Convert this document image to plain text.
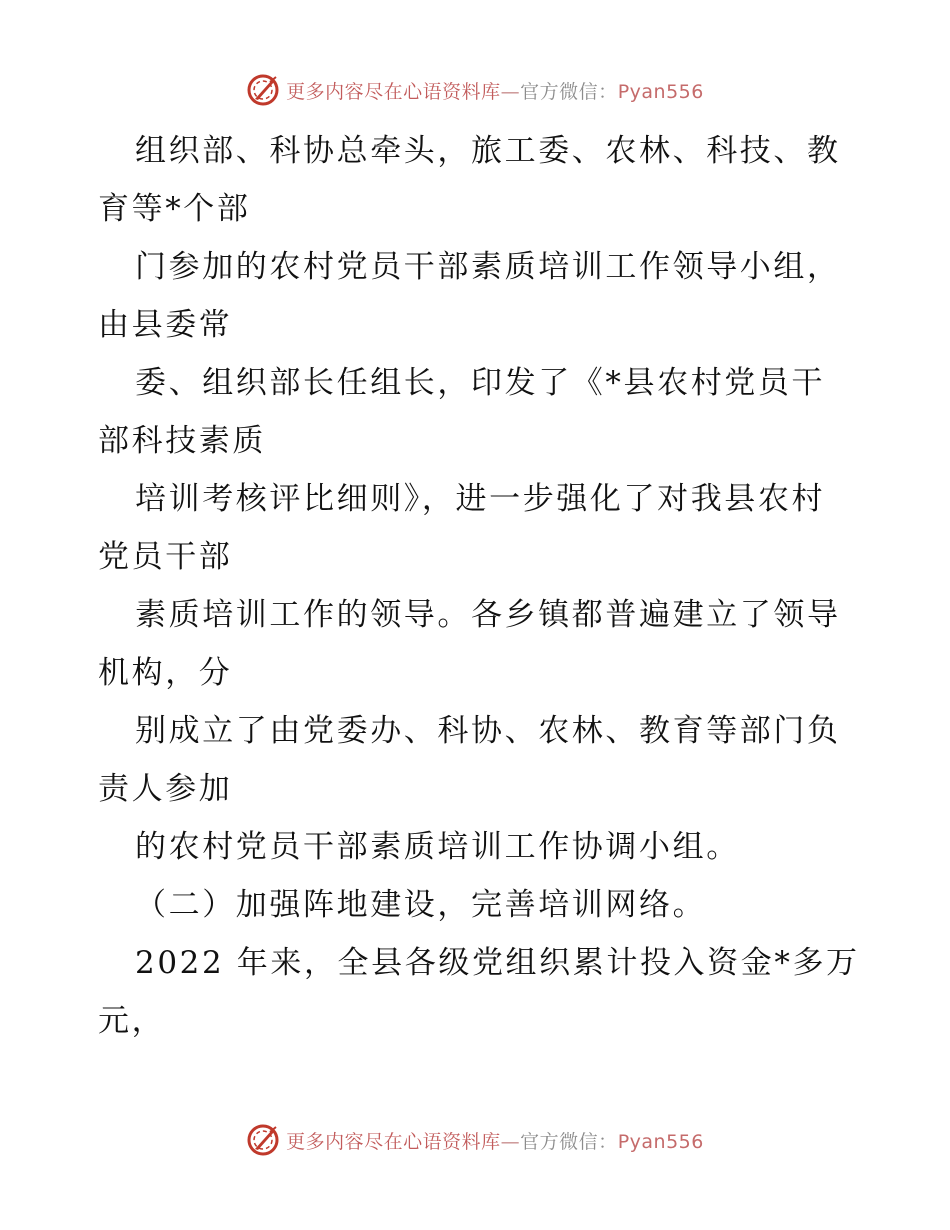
更多内容尽在心语资料库—官方微信：Pyan556
组织部、科协总牵头，旅工委、农林、科技、教
育等*个部
门参加的农村党员干部素质培训工作领导小组，
由县委常
委、组织部长任组长，印发了《*县农村党员干
部科技素质
培训考核评比细则》，进一步强化了对我县农村
党员干部
素质培训工作的领导。各乡镇都普遍建立了领导
机构，分
别成立了由党委办、科协、农林、教育等部门负
责人参加
的农村党员干部素质培训工作协调小组。
（二）加强阵地建设，完善培训网络。
2022 年来，全县各级党组织累计投入资金*多万
元，
更多内容尽在心语资料库—官方微信：Pyan556
